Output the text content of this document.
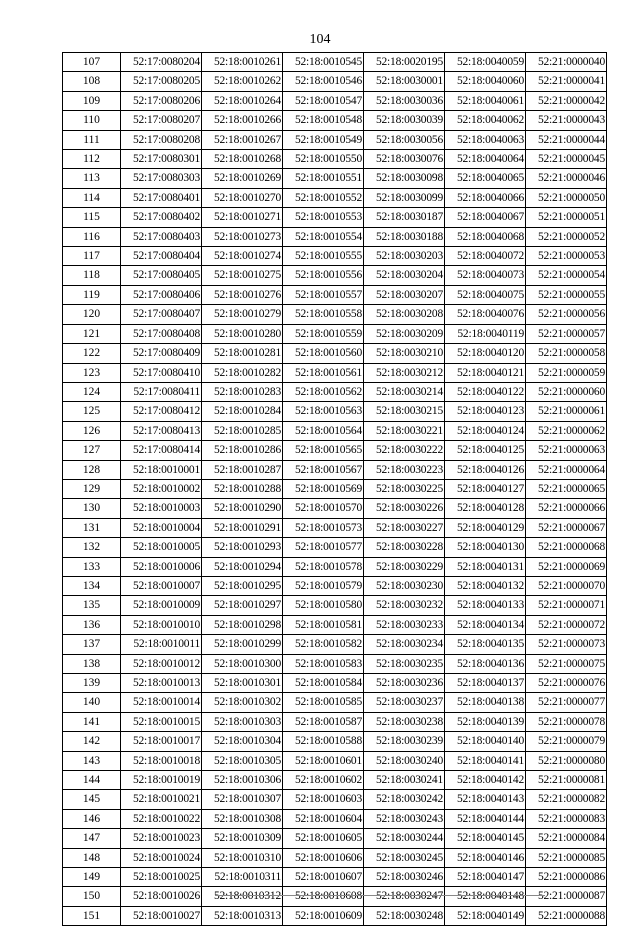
104
107	52:17:0080204	52:18:0010261	52:18:0010545	52:18:0020195	52:18:0040059	52:21:0000040
108	52:17:0080205	52:18:0010262	52:18:0010546	52:18:0030001	52:18:0040060	52:21:0000041
109	52:17:0080206	52:18:0010264	52:18:0010547	52:18:0030036	52:18:0040061	52:21:0000042
110	52:17:0080207	52:18:0010266	52:18:0010548	52:18:0030039	52:18:0040062	52:21:0000043
111	52:17:0080208	52:18:0010267	52:18:0010549	52:18:0030056	52:18:0040063	52:21:0000044
112	52:17:0080301	52:18:0010268	52:18:0010550	52:18:0030076	52:18:0040064	52:21:0000045
113	52:17:0080303	52:18:0010269	52:18:0010551	52:18:0030098	52:18:0040065	52:21:0000046
114	52:17:0080401	52:18:0010270	52:18:0010552	52:18:0030099	52:18:0040066	52:21:0000050
115	52:17:0080402	52:18:0010271	52:18:0010553	52:18:0030187	52:18:0040067	52:21:0000051
116	52:17:0080403	52:18:0010273	52:18:0010554	52:18:0030188	52:18:0040068	52:21:0000052
117	52:17:0080404	52:18:0010274	52:18:0010555	52:18:0030203	52:18:0040072	52:21:0000053
118	52:17:0080405	52:18:0010275	52:18:0010556	52:18:0030204	52:18:0040073	52:21:0000054
119	52:17:0080406	52:18:0010276	52:18:0010557	52:18:0030207	52:18:0040075	52:21:0000055
120	52:17:0080407	52:18:0010279	52:18:0010558	52:18:0030208	52:18:0040076	52:21:0000056
121	52:17:0080408	52:18:0010280	52:18:0010559	52:18:0030209	52:18:0040119	52:21:0000057
122	52:17:0080409	52:18:0010281	52:18:0010560	52:18:0030210	52:18:0040120	52:21:0000058
123	52:17:0080410	52:18:0010282	52:18:0010561	52:18:0030212	52:18:0040121	52:21:0000059
124	52:17:0080411	52:18:0010283	52:18:0010562	52:18:0030214	52:18:0040122	52:21:0000060
125	52:17:0080412	52:18:0010284	52:18:0010563	52:18:0030215	52:18:0040123	52:21:0000061
126	52:17:0080413	52:18:0010285	52:18:0010564	52:18:0030221	52:18:0040124	52:21:0000062
127	52:17:0080414	52:18:0010286	52:18:0010565	52:18:0030222	52:18:0040125	52:21:0000063
128	52:18:0010001	52:18:0010287	52:18:0010567	52:18:0030223	52:18:0040126	52:21:0000064
129	52:18:0010002	52:18:0010288	52:18:0010569	52:18:0030225	52:18:0040127	52:21:0000065
130	52:18:0010003	52:18:0010290	52:18:0010570	52:18:0030226	52:18:0040128	52:21:0000066
131	52:18:0010004	52:18:0010291	52:18:0010573	52:18:0030227	52:18:0040129	52:21:0000067
132	52:18:0010005	52:18:0010293	52:18:0010577	52:18:0030228	52:18:0040130	52:21:0000068
133	52:18:0010006	52:18:0010294	52:18:0010578	52:18:0030229	52:18:0040131	52:21:0000069
134	52:18:0010007	52:18:0010295	52:18:0010579	52:18:0030230	52:18:0040132	52:21:0000070
135	52:18:0010009	52:18:0010297	52:18:0010580	52:18:0030232	52:18:0040133	52:21:0000071
136	52:18:0010010	52:18:0010298	52:18:0010581	52:18:0030233	52:18:0040134	52:21:0000072
137	52:18:0010011	52:18:0010299	52:18:0010582	52:18:0030234	52:18:0040135	52:21:0000073
138	52:18:0010012	52:18:0010300	52:18:0010583	52:18:0030235	52:18:0040136	52:21:0000075
139	52:18:0010013	52:18:0010301	52:18:0010584	52:18:0030236	52:18:0040137	52:21:0000076
140	52:18:0010014	52:18:0010302	52:18:0010585	52:18:0030237	52:18:0040138	52:21:0000077
141	52:18:0010015	52:18:0010303	52:18:0010587	52:18:0030238	52:18:0040139	52:21:0000078
142	52:18:0010017	52:18:0010304	52:18:0010588	52:18:0030239	52:18:0040140	52:21:0000079
143	52:18:0010018	52:18:0010305	52:18:0010601	52:18:0030240	52:18:0040141	52:21:0000080
144	52:18:0010019	52:18:0010306	52:18:0010602	52:18:0030241	52:18:0040142	52:21:0000081
145	52:18:0010021	52:18:0010307	52:18:0010603	52:18:0030242	52:18:0040143	52:21:0000082
146	52:18:0010022	52:18:0010308	52:18:0010604	52:18:0030243	52:18:0040144	52:21:0000083
147	52:18:0010023	52:18:0010309	52:18:0010605	52:18:0030244	52:18:0040145	52:21:0000084
148	52:18:0010024	52:18:0010310	52:18:0010606	52:18:0030245	52:18:0040146	52:21:0000085
149	52:18:0010025	52:18:0010311	52:18:0010607	52:18:0030246	52:18:0040147	52:21:0000086
150	52:18:0010026	52:18:0010312	52:18:0010608	52:18:0030247	52:18:0040148	52:21:0000087
151	52:18:0010027	52:18:0010313	52:18:0010609	52:18:0030248	52:18:0040149	52:21:0000088
